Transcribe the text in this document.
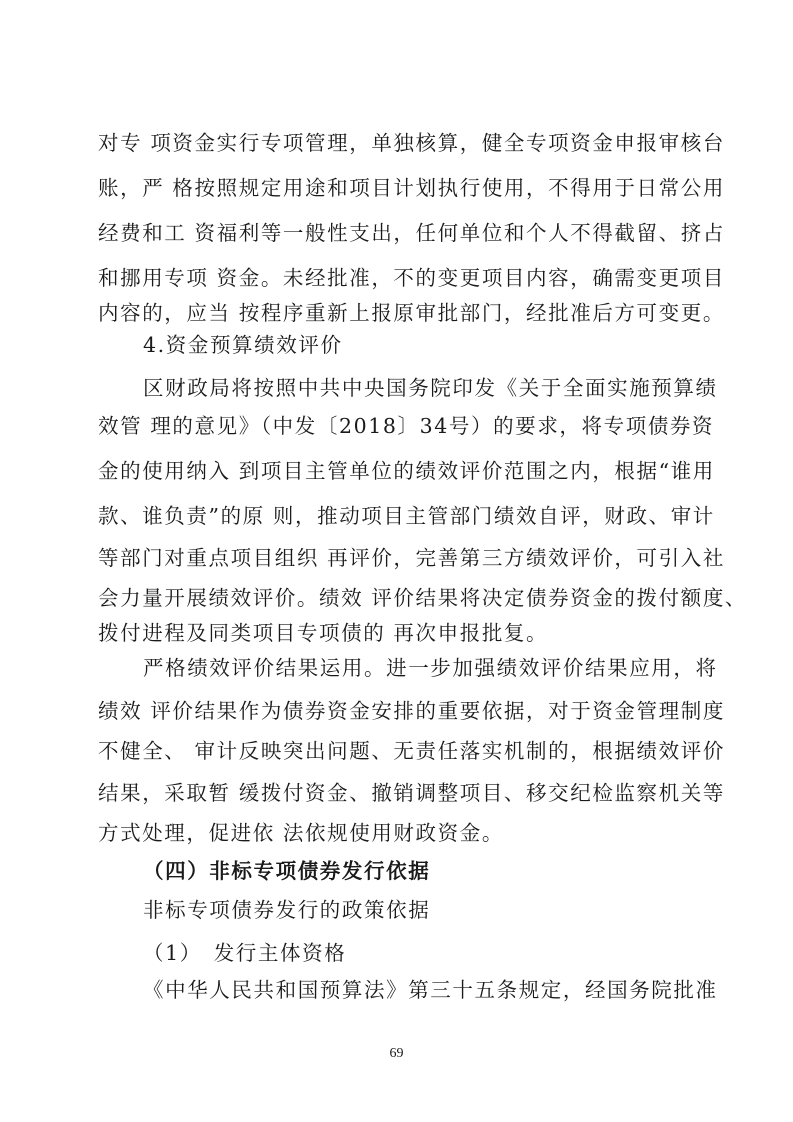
对专 项资金实行专项管理，单独核算，健全专项资金申报审核台
账，严 格按照规定用途和项目计划执行使用，不得用于日常公用
经费和工 资福利等一般性支出，任何单位和个人不得截留、挤占
和挪用专项 资金。未经批准，不的变更项目内容，确需变更项目
内容的，应当 按程序重新上报原审批部门，经批准后方可变更。
4.资金预算绩效评价
区财政局将按照中共中央国务院印发《关于全面实施预算绩
效管 理的意见》（中发〔2018〕34号）的要求，将专项债券资
金的使用纳入 到项目主管单位的绩效评价范围之内，根据“谁用
款、谁负责”的原 则，推动项目主管部门绩效自评，财政、审计
等部门对重点项目组织 再评价，完善第三方绩效评价，可引入社
会力量开展绩效评价。绩效 评价结果将决定债券资金的拨付额度、
拨付进程及同类项目专项债的 再次申报批复。
严格绩效评价结果运用。进一步加强绩效评价结果应用，将
绩效 评价结果作为债券资金安排的重要依据，对于资金管理制度
不健全、 审计反映突出问题、无责任落实机制的，根据绩效评价
结果，采取暂 缓拨付资金、撤销调整项目、移交纪检监察机关等
方式处理，促进依 法依规使用财政资金。
（四）非标专项债券发行依据
非标专项债券发行的政策依据
（1）　发行主体资格
《中华人民共和国预算法》第三十五条规定，经国务院批准
69
